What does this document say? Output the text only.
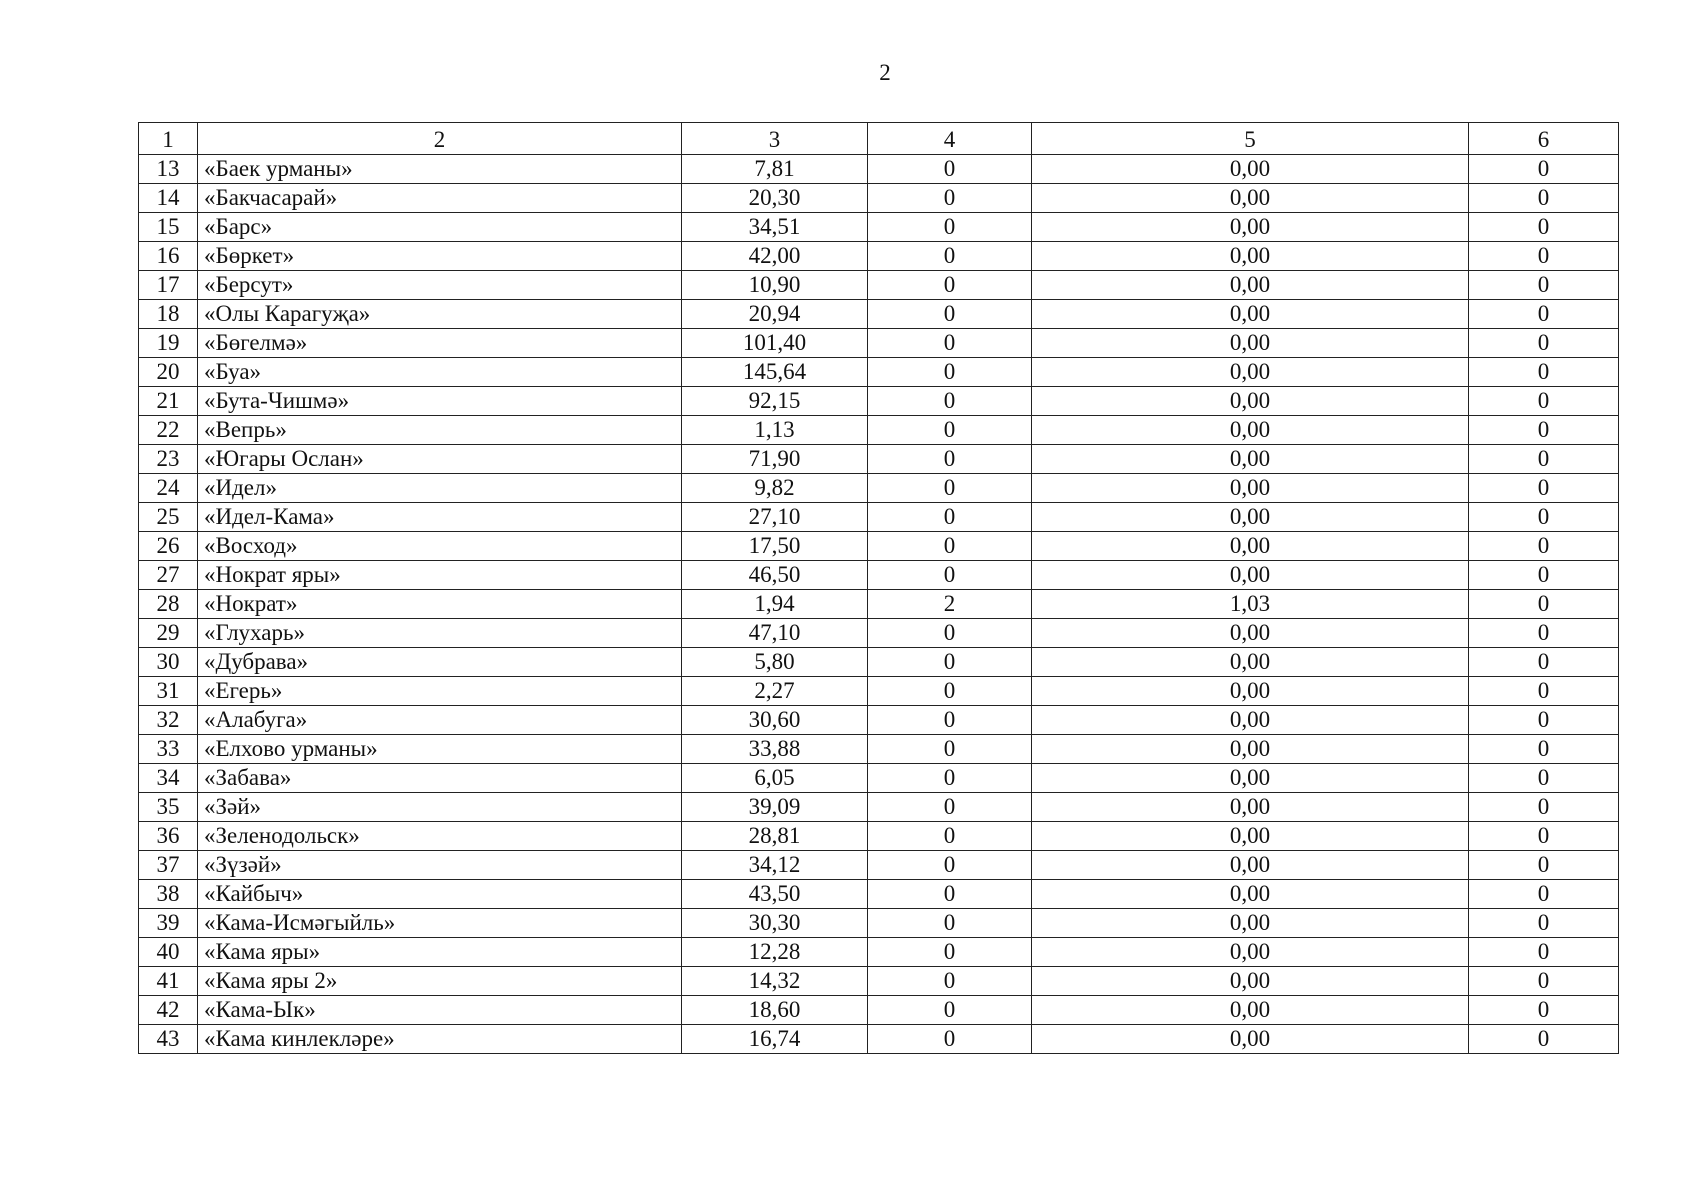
2
1	2	3	4	5	6
13	«Баек урманы»	7,81	0	0,00	0
14	«Бакчасарай»	20,30	0	0,00	0
15	«Барс»	34,51	0	0,00	0
16	«Бөркет»	42,00	0	0,00	0
17	«Берсут»	10,90	0	0,00	0
18	«Олы Карагуҗа»	20,94	0	0,00	0
19	«Бөгелмә»	101,40	0	0,00	0
20	«Буа»	145,64	0	0,00	0
21	«Бута-Чишмә»	92,15	0	0,00	0
22	«Вепрь»	1,13	0	0,00	0
23	«Югары Ослан»	71,90	0	0,00	0
24	«Идел»	9,82	0	0,00	0
25	«Идел-Кама»	27,10	0	0,00	0
26	«Восход»	17,50	0	0,00	0
27	«Нократ яры»	46,50	0	0,00	0
28	«Нократ»	1,94	2	1,03	0
29	«Глухарь»	47,10	0	0,00	0
30	«Дубрава»	5,80	0	0,00	0
31	«Егерь»	2,27	0	0,00	0
32	«Алабуга»	30,60	0	0,00	0
33	«Елхово урманы»	33,88	0	0,00	0
34	«Забава»	6,05	0	0,00	0
35	«Зәй»	39,09	0	0,00	0
36	«Зеленодольск»	28,81	0	0,00	0
37	«Зүзәй»	34,12	0	0,00	0
38	«Кайбыч»	43,50	0	0,00	0
39	«Кама-Исмәгыйль»	30,30	0	0,00	0
40	«Кама яры»	12,28	0	0,00	0
41	«Кама яры 2»	14,32	0	0,00	0
42	«Кама-Ык»	18,60	0	0,00	0
43	«Кама кинлекләре»	16,74	0	0,00	0
